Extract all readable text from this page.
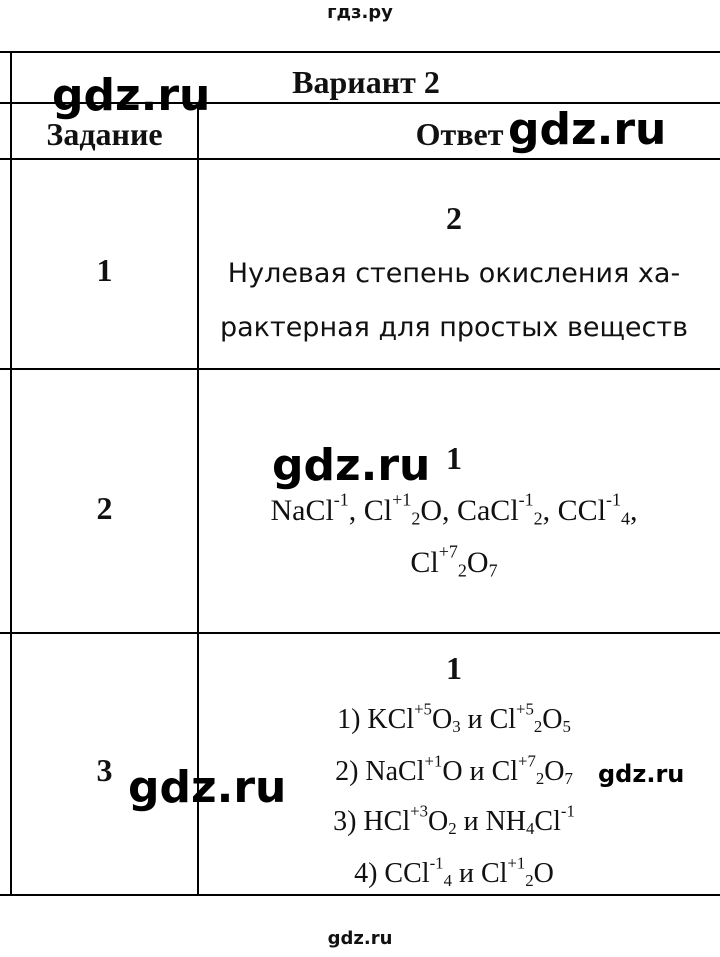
гдз.ру
Вариант 2
Задание	Ответ
1
2
Нулевая степень окисления ха-
рактерная для простых веществ
2
1
NaCl$^{-1}$, $Cl^{+1}_2O$, CaCl$^{-1}_2$, CCl$^{-1}_4$,
$Cl^{+7}_2O_7$
3
1
1) $KCl^{+5}O_3$ и $Cl^{+5}_2O_5$
2) NaCl$^{+1}$O и $Cl^{+7}_2O_7$
3) $HCl^{+3}O_2$ и $NH_4Cl^{-1}$
4) CCl$^{-1}_4$ и $Cl^{+1}_2O$
gdz.ru
gdz.ru
gdz.ru
gdz.ru	gdz.ru
gdz.ru
